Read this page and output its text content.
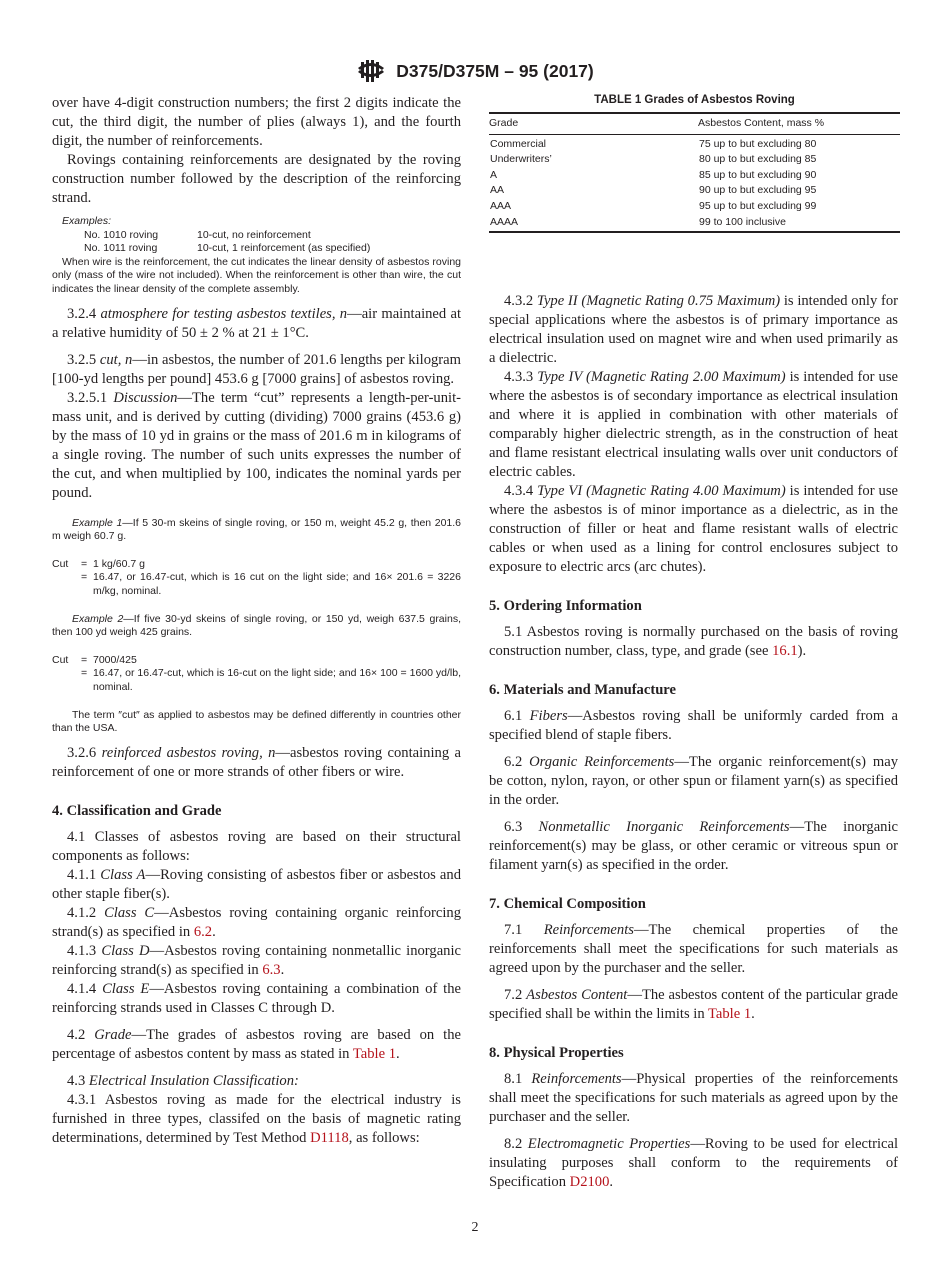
D375/D375M – 95 (2017)
TABLE 1 Grades of Asbestos Roving
Grade	Asbestos Content, mass %
Commercial	75 up to but excluding 80
Underwriters’	80 up to but excluding 85
A	85 up to but excluding 90
AA	90 up to but excluding 95
AAA	95 up to but excluding 99
AAAA	99 to 100 inclusive

over have 4-digit construction numbers; the first 2 digits indicate the cut, the third digit, the number of plies (always 1), and the fourth digit, the number of reinforcements.

Rovings containing reinforcements are designated by the roving construction number followed by the description of the reinforcing strand.

Examples:
No. 1010 roving	10-cut, no reinforcement
No. 1011 roving	10-cut, 1 reinforcement (as specified)
When wire is the reinforcement, the cut indicates the linear density of asbestos roving only (mass of the wire not included). When the reinforcement is other than wire, the cut indicates the linear density of the complete assembly.

3.2.4 atmosphere for testing asbestos textiles, n—air maintained at a relative humidity of 50 ± 2 % at 21 ± 1°C.

3.2.5 cut, n—in asbestos, the number of 201.6 lengths per kilogram [100-yd lengths per pound] 453.6 g [7000 grains] of asbestos roving.

3.2.5.1 Discussion—The term “cut” represents a length-per-unit-mass unit, and is derived by cutting (dividing) 7000 grains (453.6 g) by the mass of 10 yd in grains or the mass of 201.6 m in kilograms of a single roving. The number of such units expresses the number of the cut, and when multiplied by 100, indicates the nominal yards per pound.

Example 1—If 5 30-m skeins of single roving, or 150 m, weight 45.2 g, then 201.6 m weigh 60.7 g.
Cut	= 1 kg/60.7 g
= 16.47, or 16.47-cut, which is 16 cut on the light side; and 16× 201.6 = 3226 m/kg, nominal.
Example 2—If five 30-yd skeins of single roving, or 150 yd, weigh 637.5 grains, then 100 yd weigh 425 grains.
Cut	= 7000/425
= 16.47, or 16.47-cut, which is 16-cut on the light side; and 16× 100 = 1600 yd/lb, nominal.
The term ″cut″ as applied to asbestos may be defined differently in countries other than the USA.

3.2.6 reinforced asbestos roving, n—asbestos roving containing a reinforcement of one or more strands of other fibers or wire.

4. Classification and Grade

4.1 Classes of asbestos roving are based on their structural components as follows:

4.1.1 Class A—Roving consisting of asbestos fiber or asbestos and other staple fiber(s).

4.1.2 Class C—Asbestos roving containing organic reinforcing strand(s) as specified in 6.2.

4.1.3 Class D—Asbestos roving containing nonmetallic inorganic reinforcing strand(s) as specified in 6.3.

4.1.4 Class E—Asbestos roving containing a combination of the reinforcing strands used in Classes C through D.

4.2 Grade—The grades of asbestos roving are based on the percentage of asbestos content by mass as stated in Table 1.

4.3 Electrical Insulation Classification:

4.3.1 Asbestos roving as made for the electrical industry is furnished in three types, classifed on the basis of magnetic rating determinations, determined by Test Method D1118, as follows:

4.3.2 Type II (Magnetic Rating 0.75 Maximum) is intended only for special applications where the asbestos is of primary importance as electrical insulation used on magnet wire and when used primarily as a dielectric.

4.3.3 Type IV (Magnetic Rating 2.00 Maximum) is intended for use where the asbestos is of secondary importance as electrical insulation and where it is applied in combination with other materials of comparably higher dielectric strength, as in the construction of heat and flame resistant electrical insulating walls over unit conductors of electric cables.

4.3.4 Type VI (Magnetic Rating 4.00 Maximum) is intended for use where the asbestos is of minor importance as a dielectric, as in the construction of filler or heat and flame resistant walls of electric cables or when used as a lining for control enclosures subject to exposure to electric arcs (arc chutes).

5. Ordering Information

5.1 Asbestos roving is normally purchased on the basis of roving construction number, class, type, and grade (see 16.1).

6. Materials and Manufacture

6.1 Fibers—Asbestos roving shall be uniformly carded from a specified blend of staple fibers.

6.2 Organic Reinforcements—The organic reinforcement(s) may be cotton, nylon, rayon, or other spun or filament yarn(s) as specified in the order.

6.3 Nonmetallic Inorganic Reinforcements—The inorganic reinforcement(s) may be glass, or other ceramic or vitreous spun or filament yarn(s) as specified in the order.

7. Chemical Composition

7.1 Reinforcements—The chemical properties of the reinforcements shall meet the specifications for such materials as agreed upon by the purchaser and the seller.

7.2 Asbestos Content—The asbestos content of the particular grade specified shall be within the limits in Table 1.

8. Physical Properties

8.1 Reinforcements—Physical properties of the reinforcements shall meet the specifications for such materials as agreed upon by the purchaser and the seller.

8.2 Electromagnetic Properties—Roving to be used for electrical insulating purposes shall conform to the requirements of Specification D2100.

2
